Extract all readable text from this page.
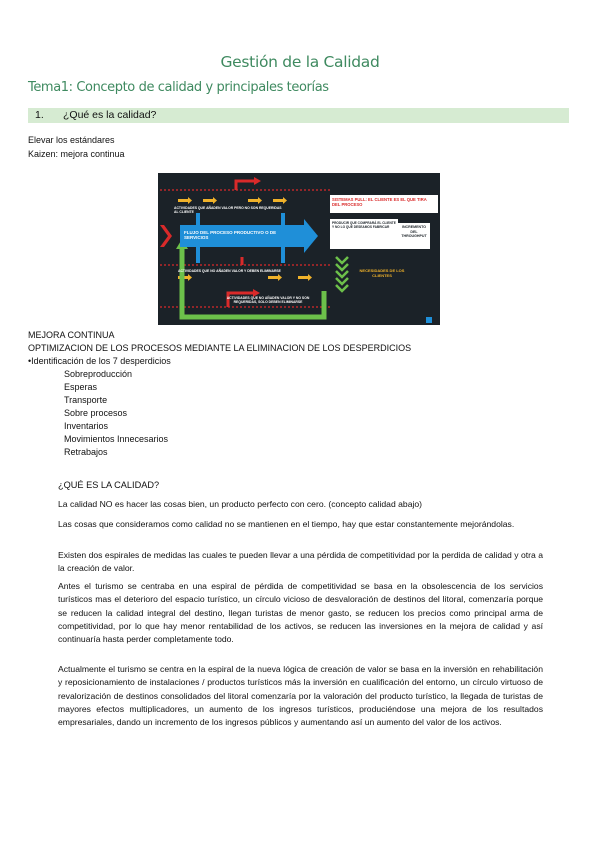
Gestión de la Calidad
Tema1: Concepto de calidad y principales teorías
1. ¿Qué es la calidad?
Elevar los estándares
Kaizen: mejora continua
ACTIVIDADES QUE AÑADEN VALOR PERO NO SON REQUERIDAS AL CLIENTE
FLUJO DEL PROCESO PRODUCTIVO O DE SERVICIOS
ACTIVIDADES QUE NO AÑADEN VALOR Y DEBEN ELIMINARSE
ACTIVIDADES QUE NO AÑADEN VALOR Y NO SON REQUERIDAS, SOLO DEBEN ELIMINARSE
SISTEMAS PULL: EL CLIENTE ES EL QUE TIRA DEL PROCESO
PRODUCIR QUE COMPRARÁ EL CLIENTE Y NO LO QUE DESEAMOS FABRICAR	INCREMENTO DEL THROUGHPUT
NECESIDADES DE LOS CLIENTES
MEJORA CONTINUA
OPTIMIZACION DE LOS PROCESOS MEDIANTE LA ELIMINACION DE LOS DESPERDICIOS
•Identificación de los 7 desperdicios
Sobreproducción
Esperas
Transporte
Sobre procesos
Inventarios
Movimientos Innecesarios
Retrabajos
¿QUÉ ES LA CALIDAD?
La calidad NO es hacer las cosas bien, un producto perfecto con cero. (concepto calidad abajo)
Las cosas que consideramos como calidad no se mantienen en el tiempo, hay que estar constantemente mejorándolas.
Existen dos espirales de medidas las cuales te pueden llevar a una pérdida de competitividad por la perdida de calidad y otra a la creación de valor.
Antes el turismo se centraba en una espiral de pérdida de competitividad se basa en la obsolescencia de los servicios turísticos mas el deterioro del espacio turístico, un círculo vicioso de desvaloración de destinos del litoral, comenzaría porque se reducen la calidad integral del destino, llegan turistas de menor gasto, se reducen los precios como principal arma de competitividad, por lo que hay menor rentabilidad de los activos, se reducen las inversiones en la mejora de calidad y así continuaría hasta perder completamente todo.
Actualmente el turismo se centra en la espiral de la nueva lógica de creación de valor se basa en la inversión en rehabilitación y reposicionamiento de instalaciones / productos turísticos más la inversión en cualificación del entorno, un círculo virtuoso de revalorización de destinos consolidados del litoral comenzaría por la valoración del producto turístico, la llegada de turistas de mayores efectos multiplicadores, un aumento de los ingresos turísticos, produciéndose una mejora de los resultados empresariales, dando un incremento de los ingresos públicos y aumentando así un aumento del valor de los activos.
